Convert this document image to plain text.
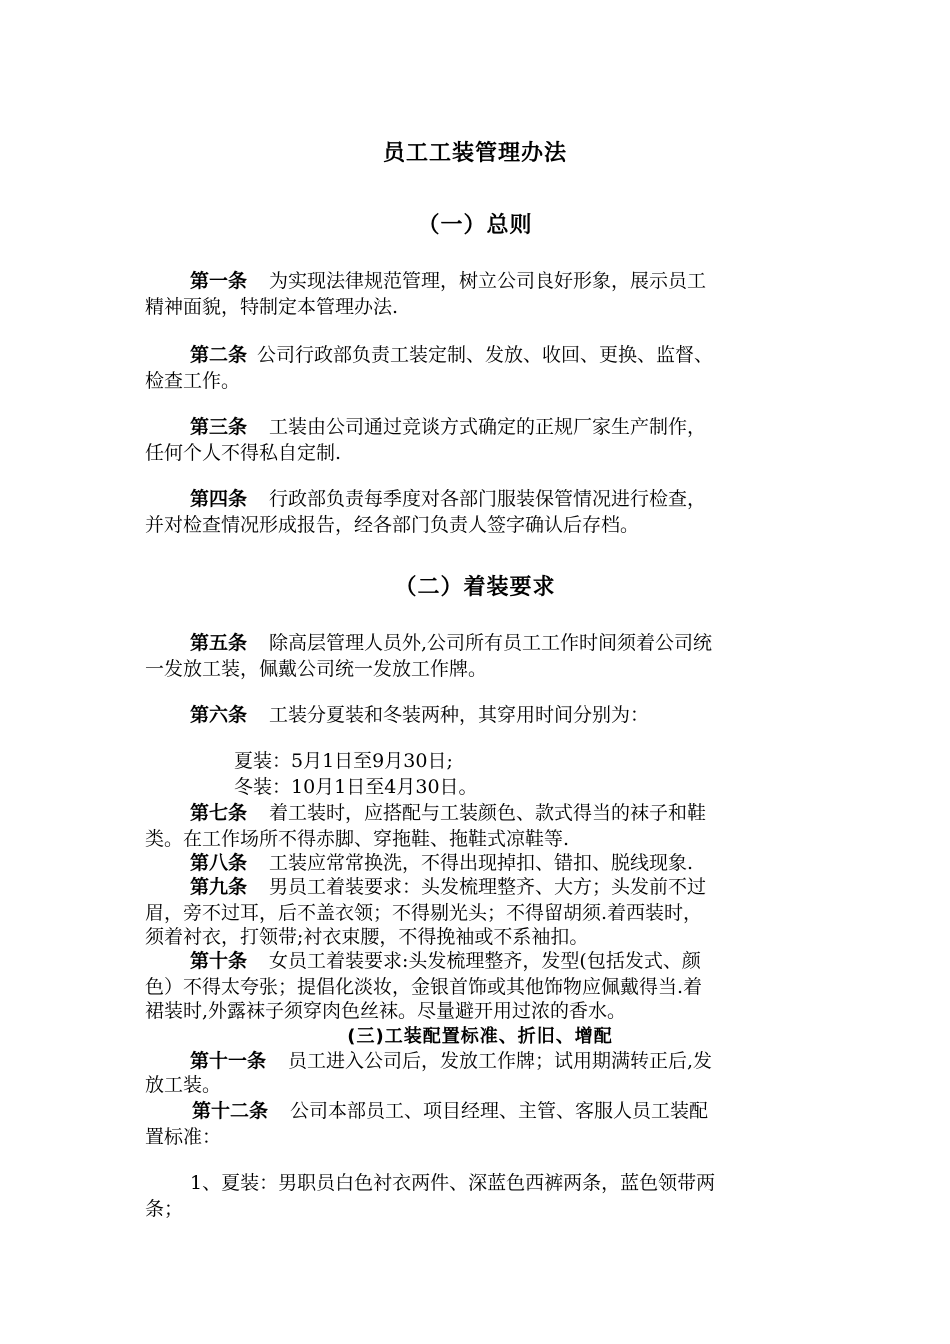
员工工装管理办法
（一）总则
第一条 为实现法律规范管理，树立公司良好形象，展示员工
精神面貌，特制定本管理办法.
第二条 公司行政部负责工装定制、发放、收回、更换、监督、
检查工作。
第三条 工装由公司通过竞谈方式确定的正规厂家生产制作，
任何个人不得私自定制.
第四条 行政部负责每季度对各部门服装保管情况进行检查，
并对检查情况形成报告，经各部门负责人签字确认后存档。
（二）着装要求
第五条 除高层管理人员外,公司所有员工工作时间须着公司统
一发放工装，佩戴公司统一发放工作牌。
第六条 工装分夏装和冬装两种，其穿用时间分别为：
夏装：5月1日至9月30日;
冬装：10月1日至4月30日。
第七条 着工装时，应搭配与工装颜色、款式得当的袜子和鞋
类。在工作场所不得赤脚、穿拖鞋、拖鞋式凉鞋等.
第八条 工装应常常换洗，不得出现掉扣、错扣、脱线现象.
第九条 男员工着装要求：头发梳理整齐、大方；头发前不过
眉，旁不过耳，后不盖衣领；不得剔光头；不得留胡须.着西装时，
须着衬衣，打领带;衬衣束腰，不得挽袖或不系袖扣。
第十条 女员工着装要求:头发梳理整齐，发型(包括发式、颜
色）不得太夸张；提倡化淡妆，金银首饰或其他饰物应佩戴得当.着
裙装时,外露袜子须穿肉色丝袜。尽量避开用过浓的香水。
(三)工装配置标准、折旧、增配
第十一条 员工进入公司后，发放工作牌；试用期满转正后,发
放工装。
第十二条 公司本部员工、项目经理、主管、客服人员工装配
置标准：
1、夏装：男职员白色衬衣两件、深蓝色西裤两条，蓝色领带两
条；
